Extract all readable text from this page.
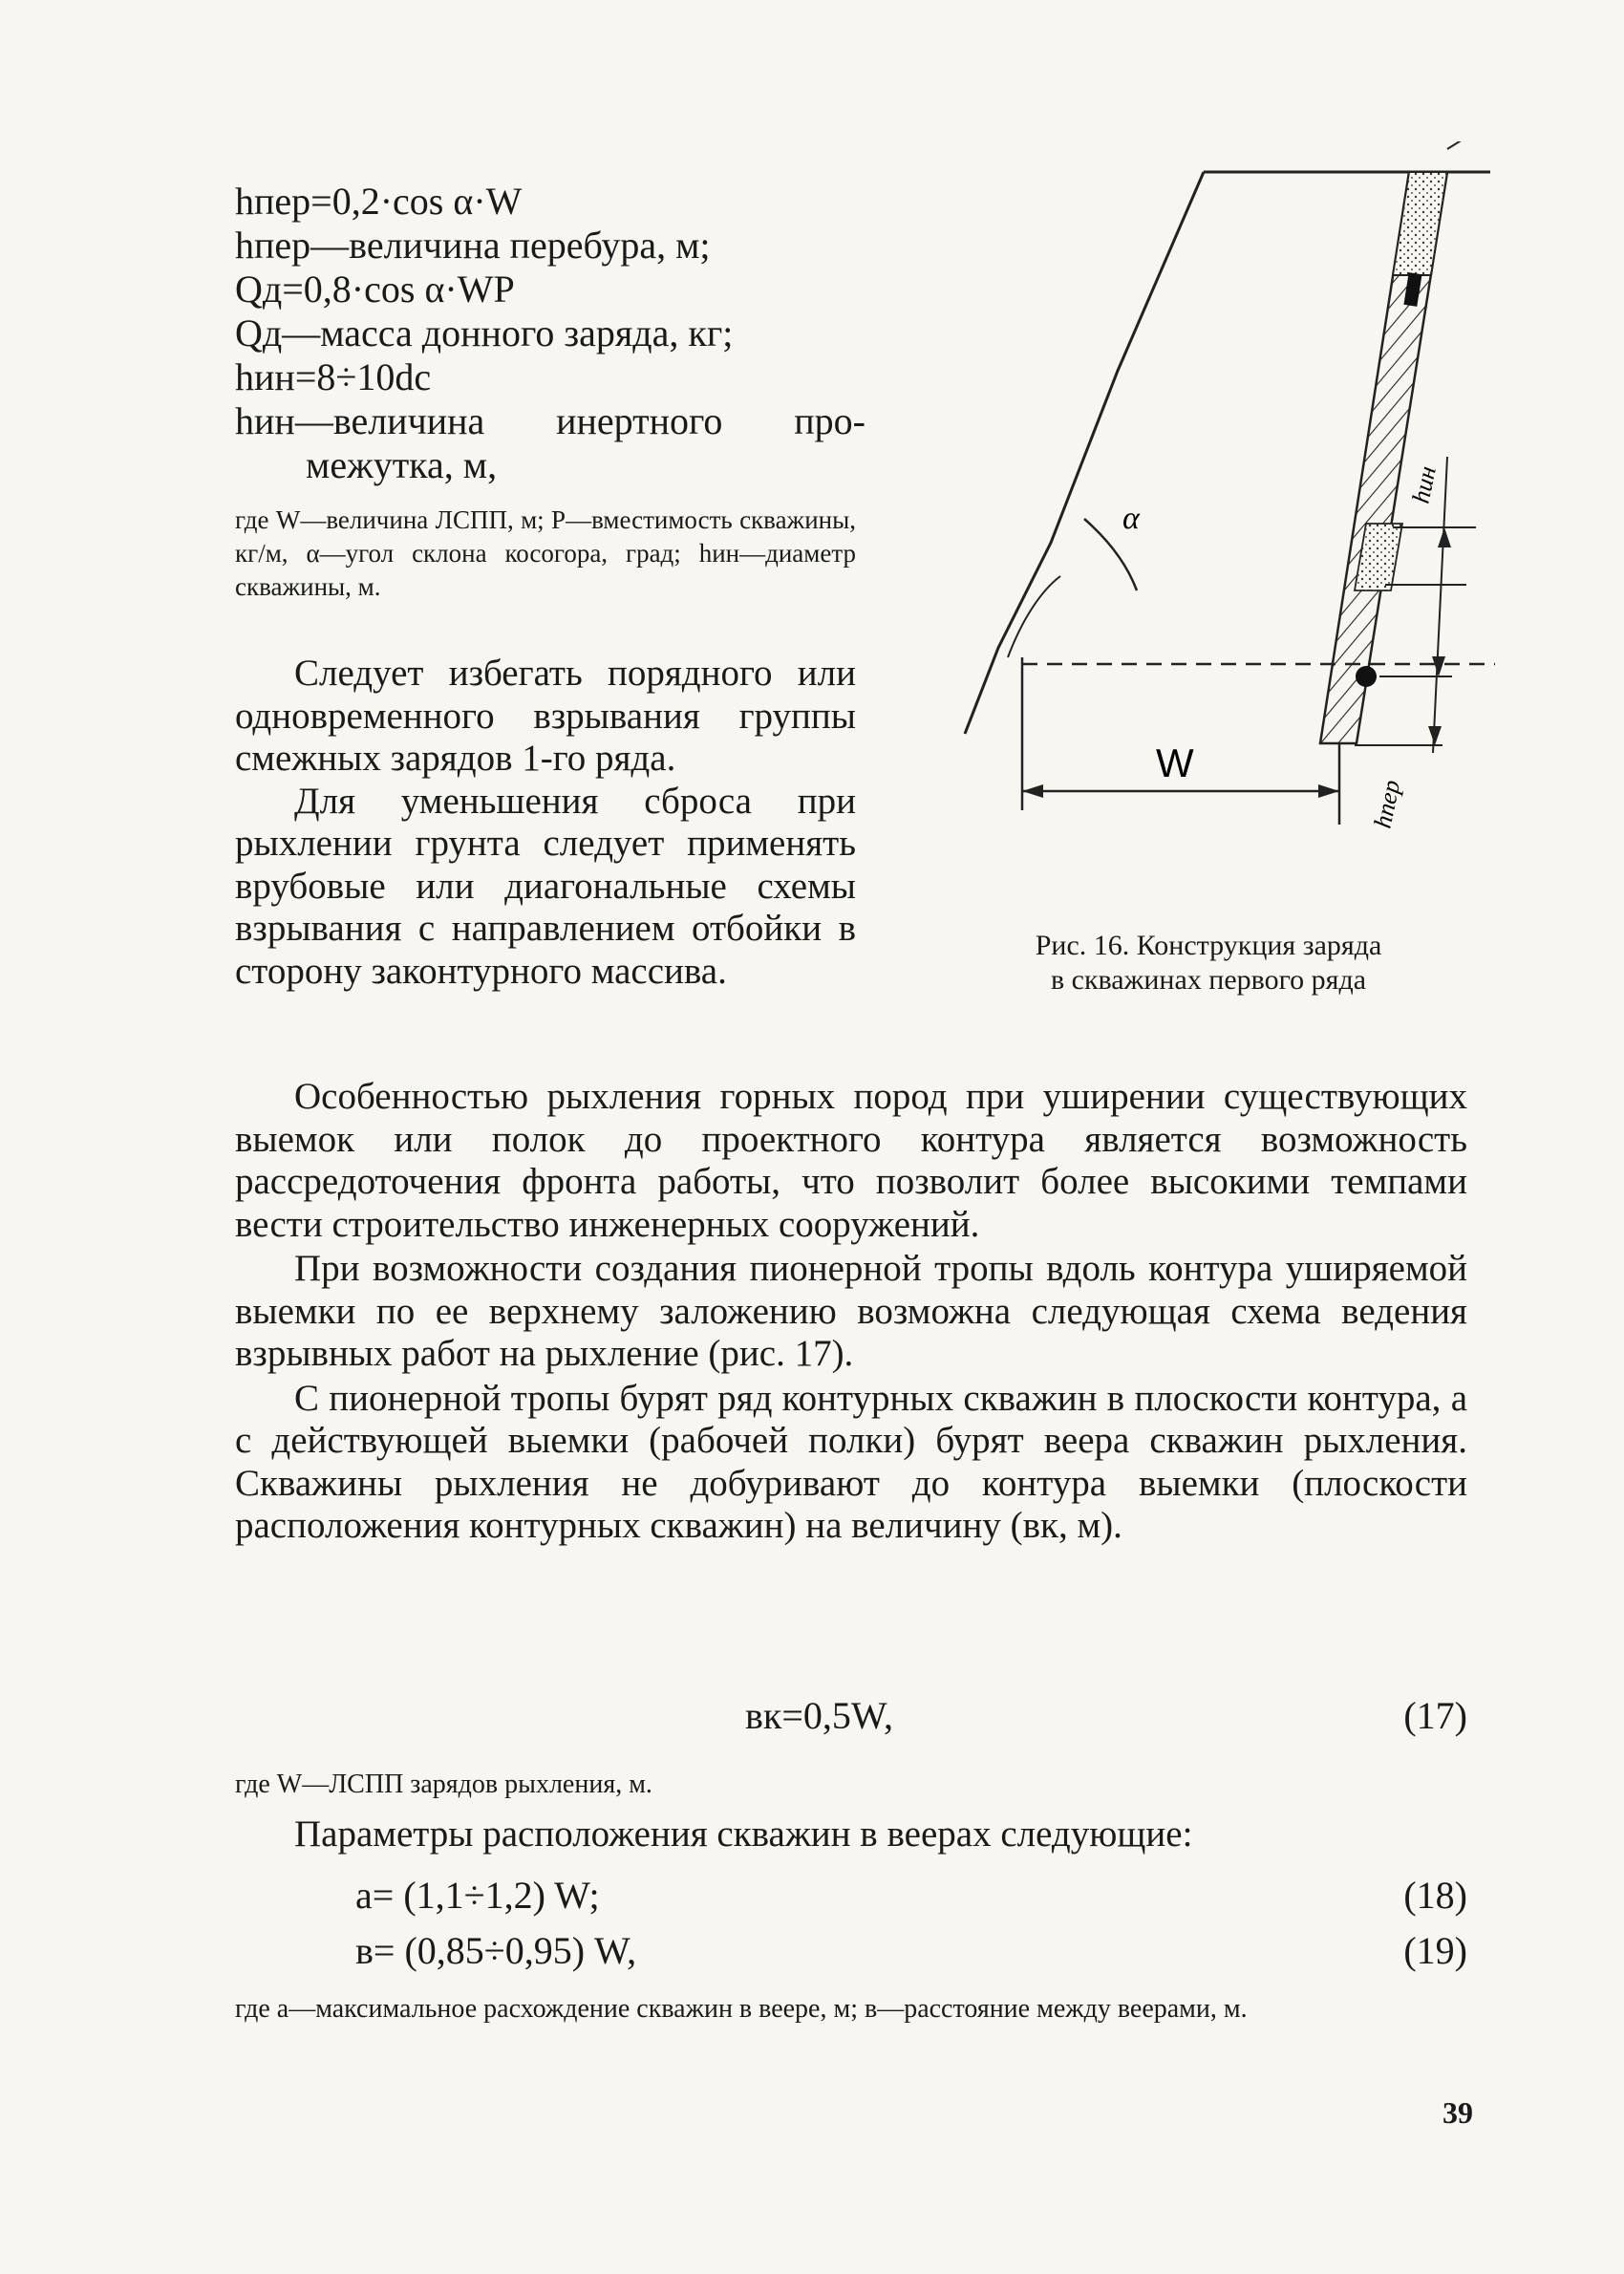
hпер=0,2·cos α·W
hпер—величина перебура, м;
Qд=0,8·cos α·WP
Qд—масса донного заряда, кг;
hин=8÷10dс
hин—величина инертного про-
межутка, м,
где W—величина ЛСПП, м; P—вместимость скважины, кг/м, α—угол склона косогора, град; hин—диаметр скважины, м.

Следует избегать порядного или одновременного взрывания группы смежных зарядов 1-го ряда.

Для уменьшения сброса при рыхлении грунта следует применять врубовые или диагональные схемы взрывания с направлением отбойки в сторону законтурного массива.

α
W
hин
hпер
Рис. 16. Конструкция заряда
в скважинах первого ряда

Особенностью рыхления горных пород при уширении существующих выемок или полок до проектного контура является возможность рассредоточения фронта работы, что позволит более высокими темпами вести строительство инженерных сооружений.

При возможности создания пионерной тропы вдоль контура уширяемой выемки по ее верхнему заложению возможна следующая схема ведения взрывных работ на рыхление (рис. 17).

С пионерной тропы бурят ряд контурных скважин в плоскости контура, а с действующей выемки (рабочей полки) бурят веера скважин рыхления. Скважины рыхления не добуривают до контура выемки (плоскости расположения контурных скважин) на величину (вк, м).

вк=0,5W,	(17)
где W—ЛСПП зарядов рыхления, м.

Параметры расположения скважин в веерах следующие:

a= (1,1÷1,2) W;	(18)
в= (0,85÷0,95) W,	(19)
где a—максимальное расхождение скважин в веере, м; в—расстояние между веерами, м.
39
